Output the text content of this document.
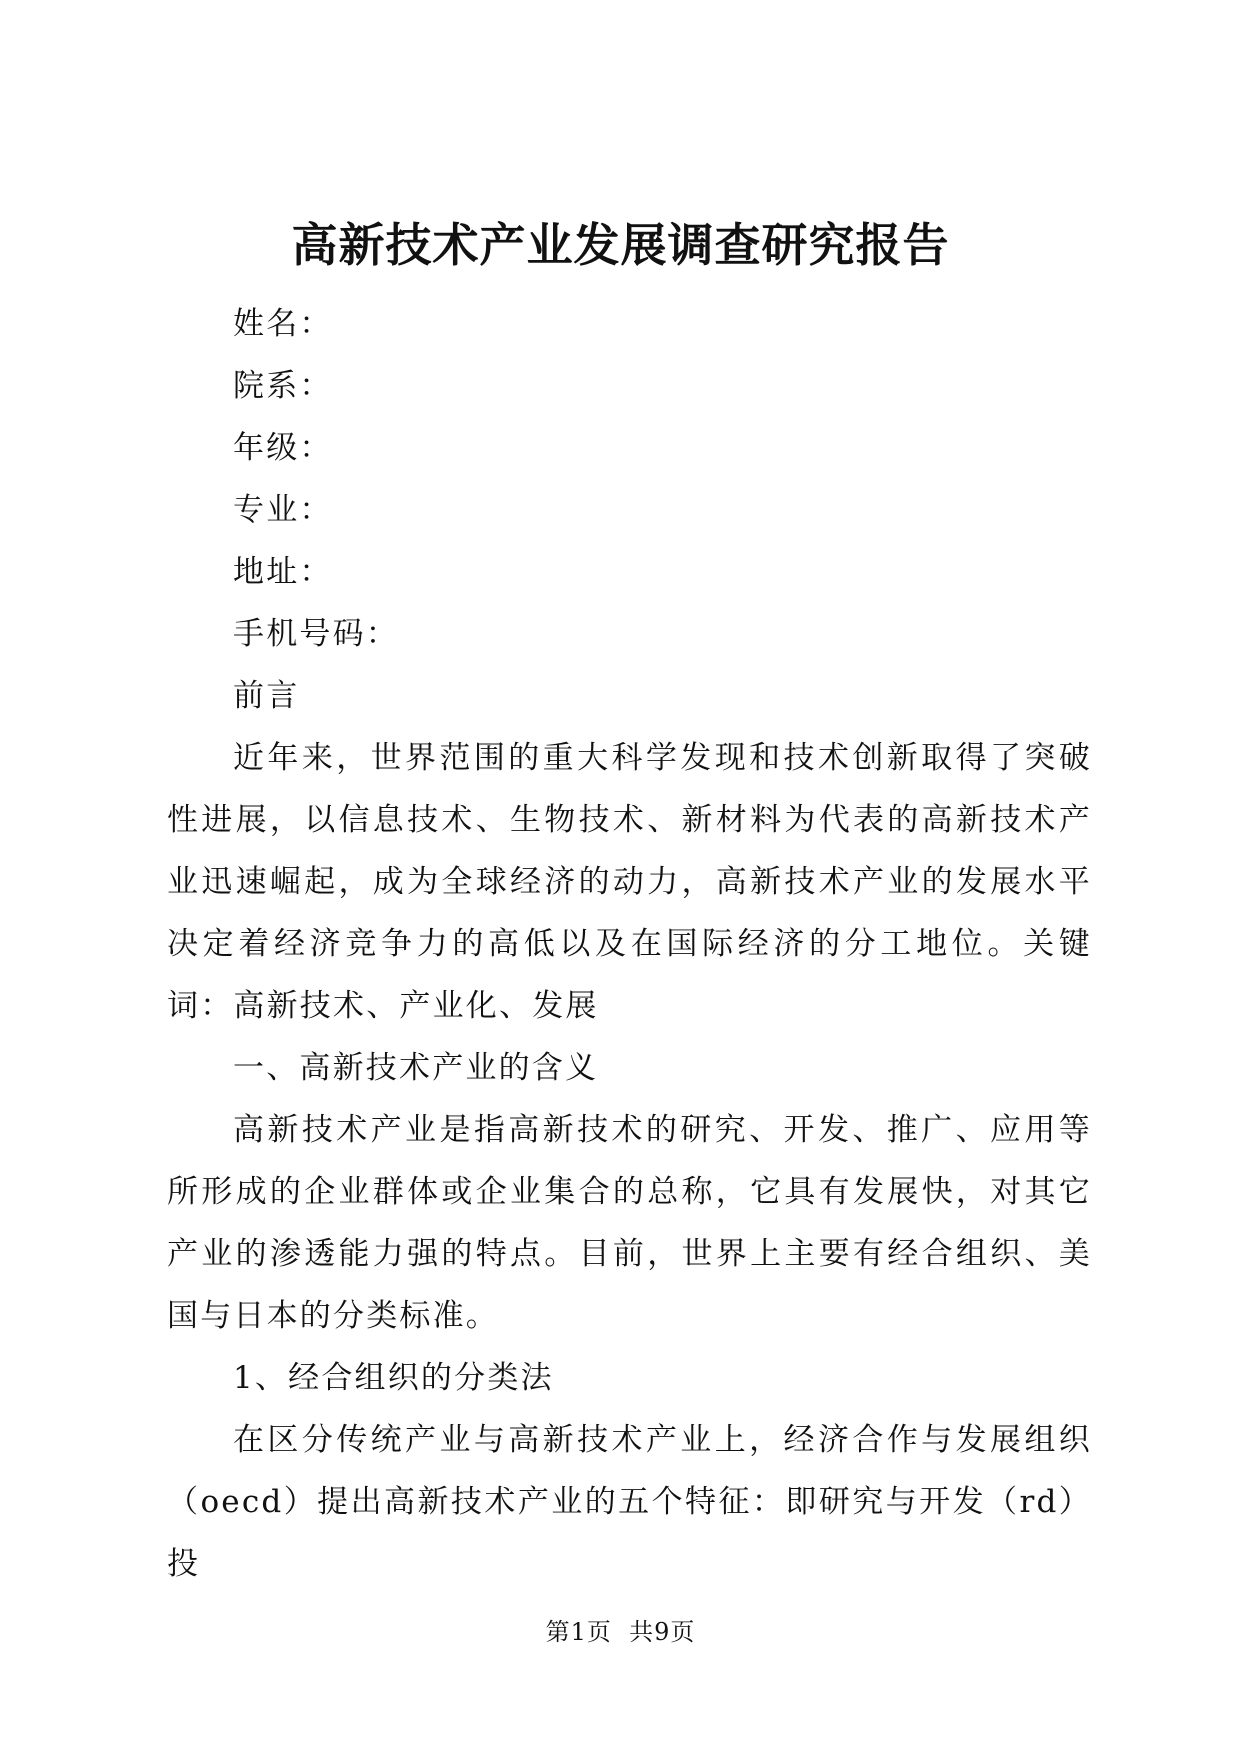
高新技术产业发展调查研究报告

姓名：

院系：

年级：

专业：

地址：

手机号码：

前言

近年来，世界范围的重大科学发现和技术创新取得了突破性进展，以信息技术、生物技术、新材料为代表的高新技术产业迅速崛起，成为全球经济的动力，高新技术产业的发展水平决定着经济竞争力的高低以及在国际经济的分工地位。关键词：高新技术、产业化、发展

一、高新技术产业的含义

高新技术产业是指高新技术的研究、开发、推广、应用等所形成的企业群体或企业集合的总称，它具有发展快，对其它产业的渗透能力强的特点。目前，世界上主要有经合组织、美国与日本的分类标准。

1、经合组织的分类法

在区分传统产业与高新技术产业上，经济合作与发展组织（oecd）提出高新技术产业的五个特征：即研究与开发（rd）投

第1页 共9页
